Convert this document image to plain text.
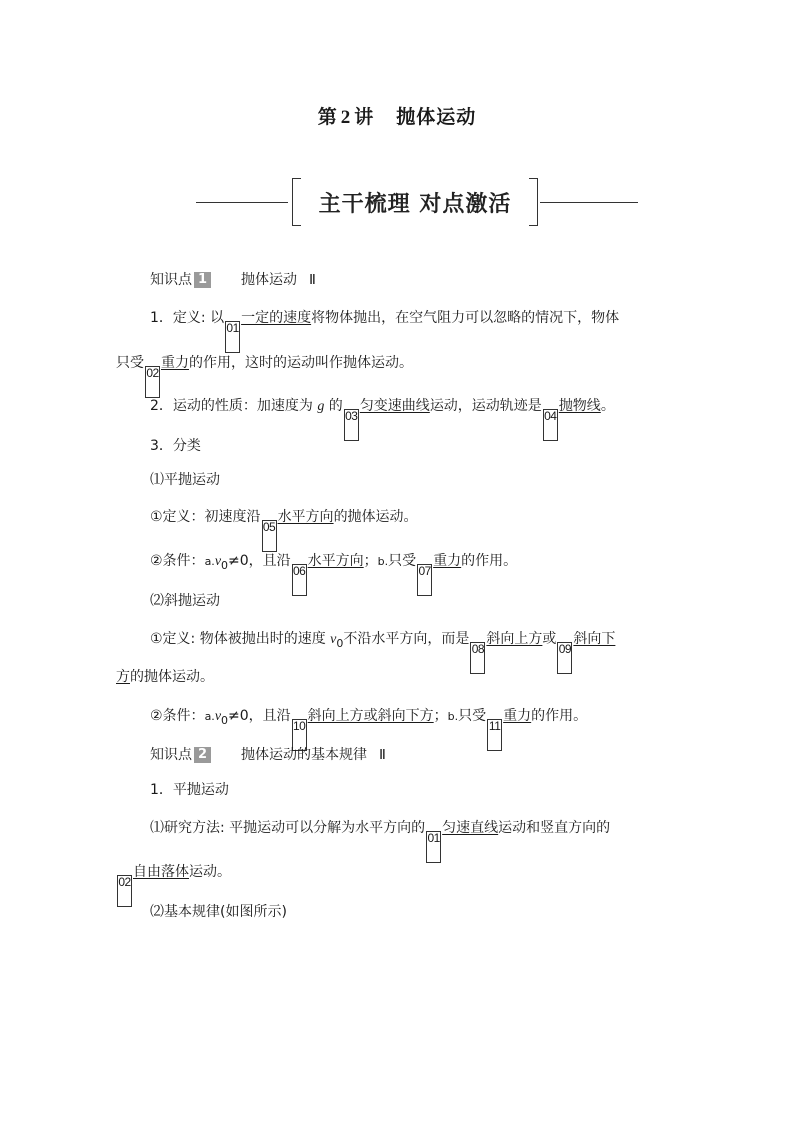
第 2 讲 抛体运动
主干梳理 对点激活
知识点 1 抛体运动 Ⅱ
1．定义: 以01一定的速度将物体抛出，在空气阻力可以忽略的情况下，物体
只受02重力的作用，这时的运动叫作抛体运动。
2．运动的性质：加速度为 g 的03匀变速曲线运动，运动轨迹是04抛物线。
3．分类
⑴平抛运动
①定义：初速度沿05水平方向的抛体运动。
②条件：$a.v_0\ne 0$，且沿06水平方向；b.只受07重力的作用。
⑵斜抛运动
①定义: 物体被抛出时的速度 $v_0$不沿水平方向，而是08斜向上方或09斜向下
方的抛体运动。
②条件：$a.v_0\ne 0$，且沿10斜向上方或斜向下方；b.只受11重力的作用。
知识点 2 抛体运动的基本规律 Ⅱ
1．平抛运动
⑴研究方法: 平抛运动可以分解为水平方向的01匀速直线运动和竖直方向的
02自由落体运动。
⑵基本规律(如图所示)
